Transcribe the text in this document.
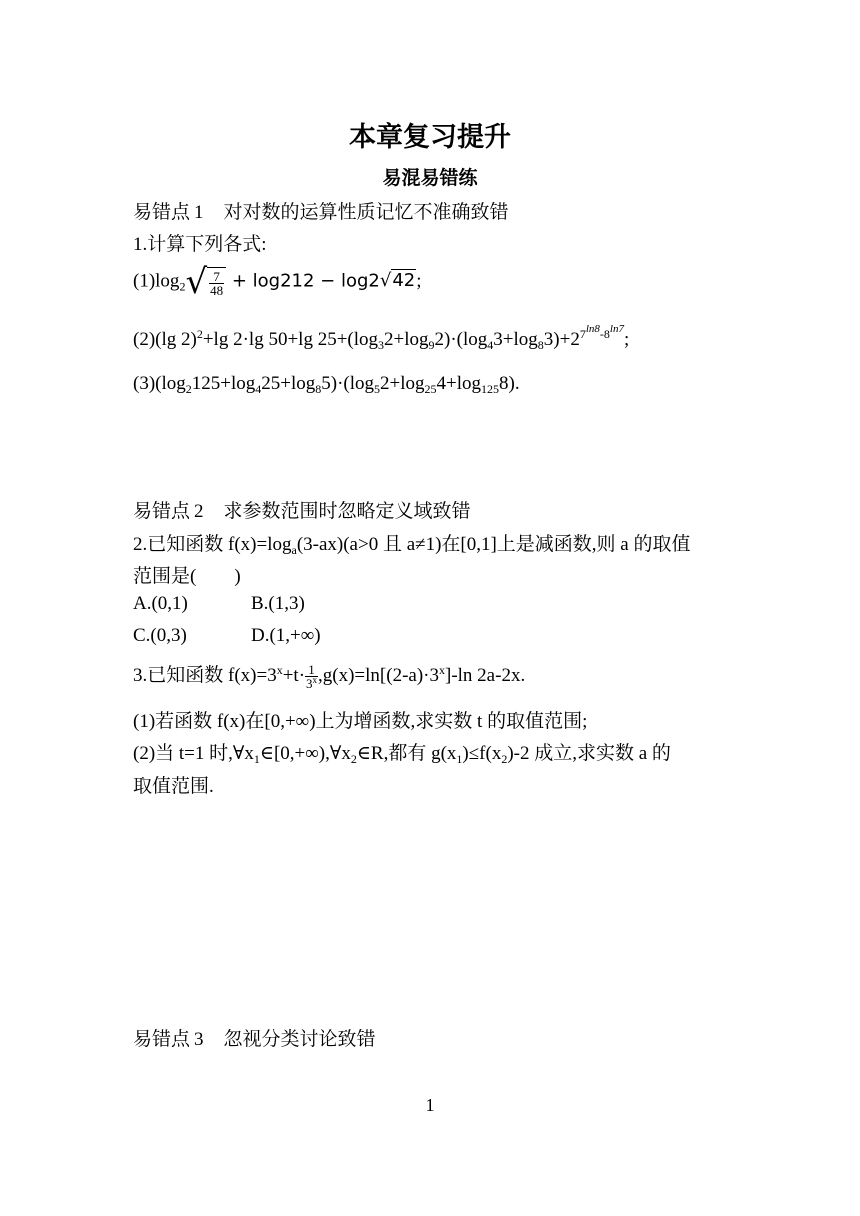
本章复习提升
易混易错练
易错点 1 对对数的运算性质记忆不准确致错
1.计算下列各式:
$(1)\log_2√ \frac{7}{48} + \log 212 - \log 2√42$;
(2)(lg 2)$^2$+lg 2·lg 50+lg $25+(\log_32+\log_92)\cdot(\log_43+\log_83)+2^{7ln8-8ln7}$;
$(3)(\log_2125+\log_425+\log_85)\cdot(\log_52+\log_{25}4+\log_{125}8)$.
易错点 2 求参数范围时忽略定义域致错
2.已知函数 $f(x)=\log_a(3-ax)(a>0$ 且 a≠1)在[0,1]上是减函数,则 a 的取值
范围是(　　)
A.(0,1)	B.(1,3)
C.(0,3)	D.(1,+∞)
3.已知函数 $f(x)=3^x+t\cdot \frac{1}{3^x} ,g(x)=\ln[(2-a)\cdot 3^x]-\ln$ 2a-2x.
(1)若函数 f(x)在[0,+∞)上为增函数,求实数 t 的取值范围;
(2)当 t=1 时$,\forall x_1\in[0,+\infty),\forall x_2\in R$,都有 $g(x_1)\le f(x_2)-2$ 成立,求实数 a 的
取值范围.
易错点 3 忽视分类讨论致错
1
